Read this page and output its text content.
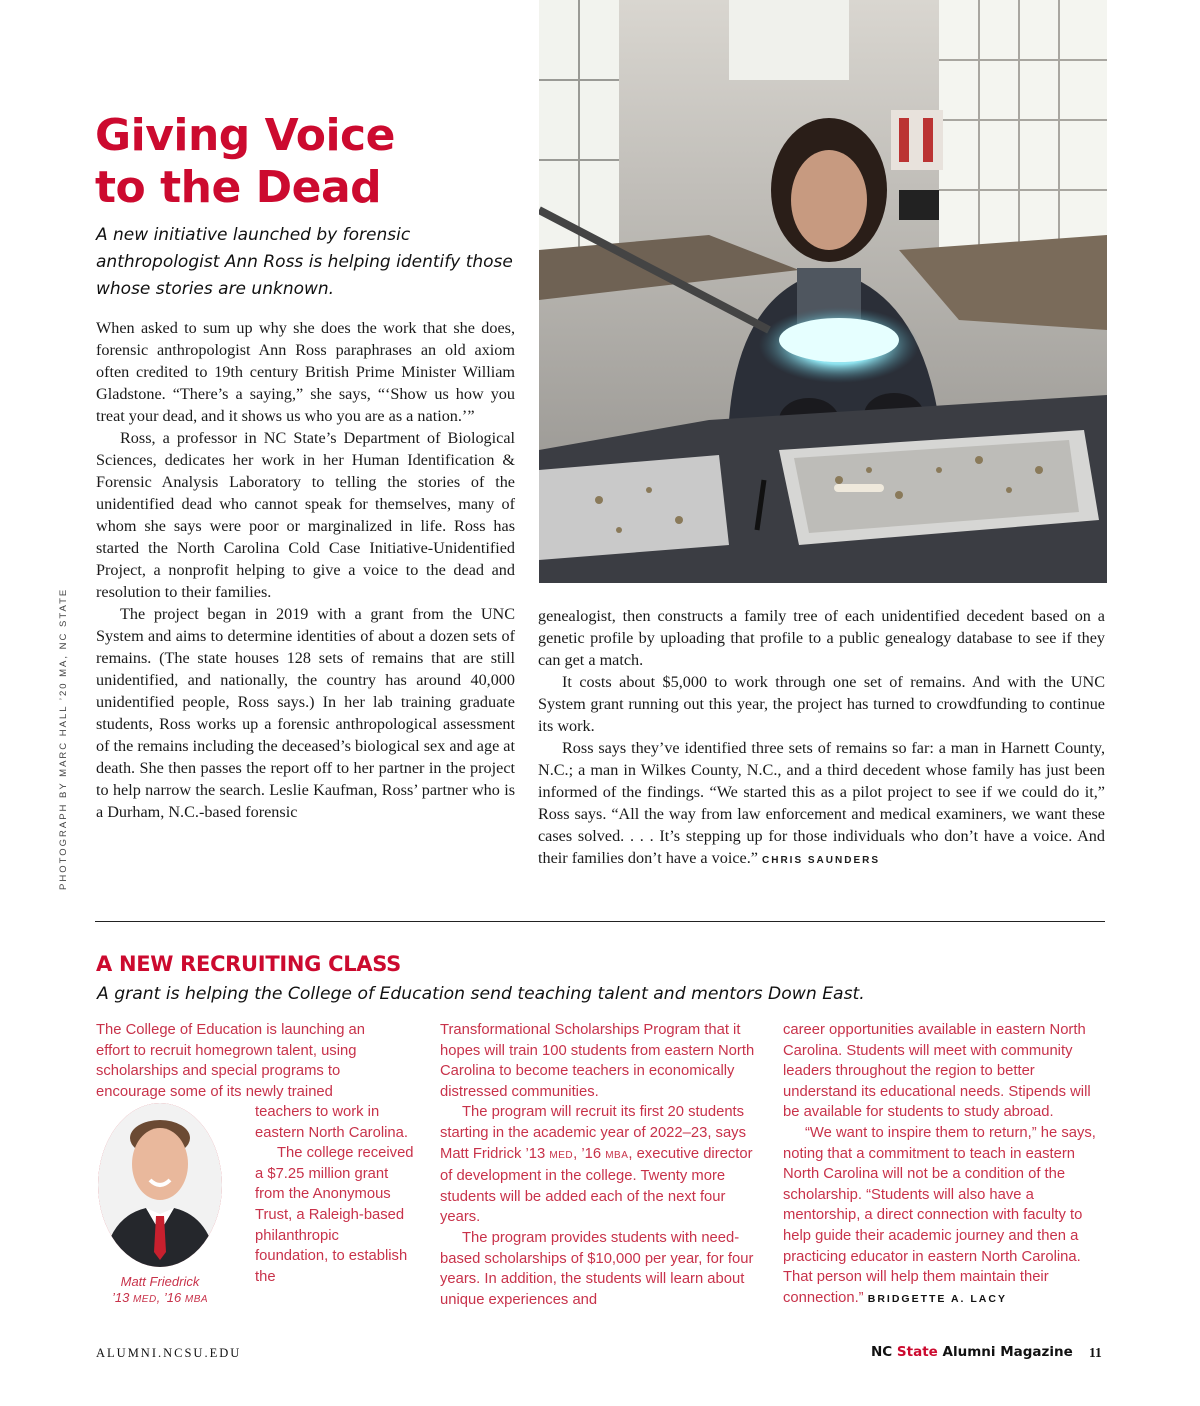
PHOTOGRAPH BY MARC HALL ’20 MA, NC STATE
Giving Voice
to the Dead

A new initiative launched by forensic anthropologist Ann Ross is helping identify those whose stories are unknown.

When asked to sum up why she does the work that she does, forensic anthropologist Ann Ross paraphrases an old axiom often credited to 19th century British Prime Minister William Gladstone. “There’s a saying,” she says, “‘Show us how you treat your dead, and it shows us who you are as a nation.’”

Ross, a professor in NC State’s Department of Biological Sciences, dedicates her work in her Human Identification & Forensic Analysis Laboratory to telling the stories of the unidentified dead who cannot speak for themselves, many of whom she says were poor or marginalized in life. Ross has started the North Carolina Cold Case Initiative-Unidentified Project, a nonprofit helping to give a voice to the dead and resolution to their families.

The project began in 2019 with a grant from the UNC System and aims to determine identities of about a dozen sets of remains. (The state houses 128 sets of remains that are still unidentified, and nationally, the country has around 40,000 unidentified people, Ross says.) In her lab training graduate students, Ross works up a forensic anthropological assessment of the remains including the deceased’s biological sex and age at death. She then passes the report off to her partner in the project to help narrow the search. Leslie Kaufman, Ross’ partner who is a Durham, N.C.-based forensic

genealogist, then constructs a family tree of each unidentified decedent based on a genetic profile by uploading that profile to a public genealogy database to see if they can get a match.

It costs about $5,000 to work through one set of remains. And with the UNC System grant running out this year, the project has turned to crowdfunding to continue its work.

Ross says they’ve identified three sets of remains so far: a man in Harnett County, N.C.; a man in Wilkes County, N.C., and a third decedent whose family has just been informed of the findings. “We started this as a pilot project to see if we could do it,” Ross says. “All the way from law enforcement and medical examiners, we want these cases solved. . . . It’s stepping up for those individuals who don’t have a voice. And their families don’t have a voice.” CHRIS SAUNDERS

A NEW RECRUITING CLASS

A grant is helping the College of Education send teaching talent and mentors Down East.

The College of Education is launching an effort to recruit homegrown talent, using scholarships and special programs to encourage some of its newly trained

teachers to work in eastern North Carolina.

The college received a $7.25 million grant from the Anonymous Trust, a Raleigh-based philanthropic foundation, to establish the

Matt Friedrick
’13 MED, ’16 MBA

Transformational Scholarships Program that it hopes will train 100 students from eastern North Carolina to become teachers in economically distressed communities.

The program will recruit its first 20 students starting in the academic year of 2022–23, says Matt Fridrick ’13 MED, ’16 MBA, executive director of development in the college. Twenty more students will be added each of the next four years.

The program provides students with need-based scholarships of $10,000 per year, for four years. In addition, the students will learn about unique experiences and

career opportunities available in eastern North Carolina. Students will meet with community leaders throughout the region to better understand its educational needs. Stipends will be available for students to study abroad.

“We want to inspire them to return,” he says, noting that a commitment to teach in eastern North Carolina will not be a condition of the scholarship. “Students will also have a mentorship, a direct connection with faculty to help guide their academic journey and then a practicing educator in eastern North Carolina. That person will help them maintain their connection.” BRIDGETTE A. LACY

ALUMNI.NCSU.EDU	NC State Alumni Magazine 11
